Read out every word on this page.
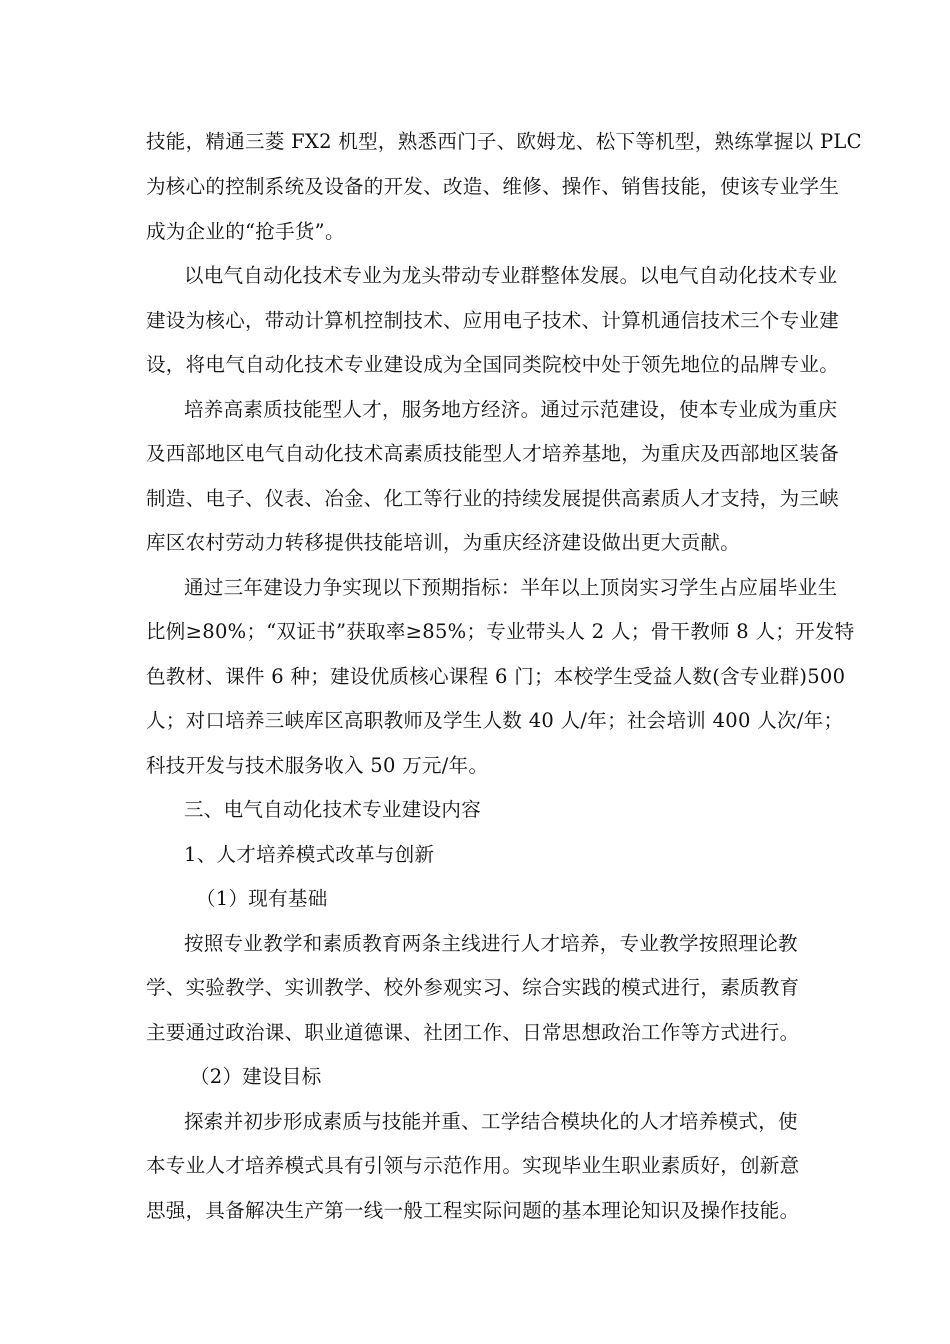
技能，精通三菱 FX2 机型，熟悉西门子、欧姆龙、松下等机型，熟练掌握以 PLC
为核心的控制系统及设备的开发、改造、维修、操作、销售技能，使该专业学生
成为企业的“抢手货”。
以电气自动化技术专业为龙头带动专业群整体发展。以电气自动化技术专业
建设为核心，带动计算机控制技术、应用电子技术、计算机通信技术三个专业建
设，将电气自动化技术专业建设成为全国同类院校中处于领先地位的品牌专业。
培养高素质技能型人才，服务地方经济。通过示范建设，使本专业成为重庆
及西部地区电气自动化技术高素质技能型人才培养基地，为重庆及西部地区装备
制造、电子、仪表、冶金、化工等行业的持续发展提供高素质人才支持，为三峡
库区农村劳动力转移提供技能培训，为重庆经济建设做出更大贡献。
通过三年建设力争实现以下预期指标：半年以上顶岗实习学生占应届毕业生
比例≥80%；“双证书”获取率≥85%；专业带头人 2 人；骨干教师 8 人；开发特
色教材、课件 6 种；建设优质核心课程 6 门；本校学生受益人数(含专业群)500
人；对口培养三峡库区高职教师及学生人数 40 人/年；社会培训 400 人次/年；
科技开发与技术服务收入 50 万元/年。
三、电气自动化技术专业建设内容
1、人才培养模式改革与创新
（1）现有基础
按照专业教学和素质教育两条主线进行人才培养，专业教学按照理论教
学、实验教学、实训教学、校外参观实习、综合实践的模式进行，素质教育
主要通过政治课、职业道德课、社团工作、日常思想政治工作等方式进行。
（2）建设目标
探索并初步形成素质与技能并重、工学结合模块化的人才培养模式，使
本专业人才培养模式具有引领与示范作用。实现毕业生职业素质好，创新意
思强，具备解决生产第一线一般工程实际问题的基本理论知识及操作技能。
